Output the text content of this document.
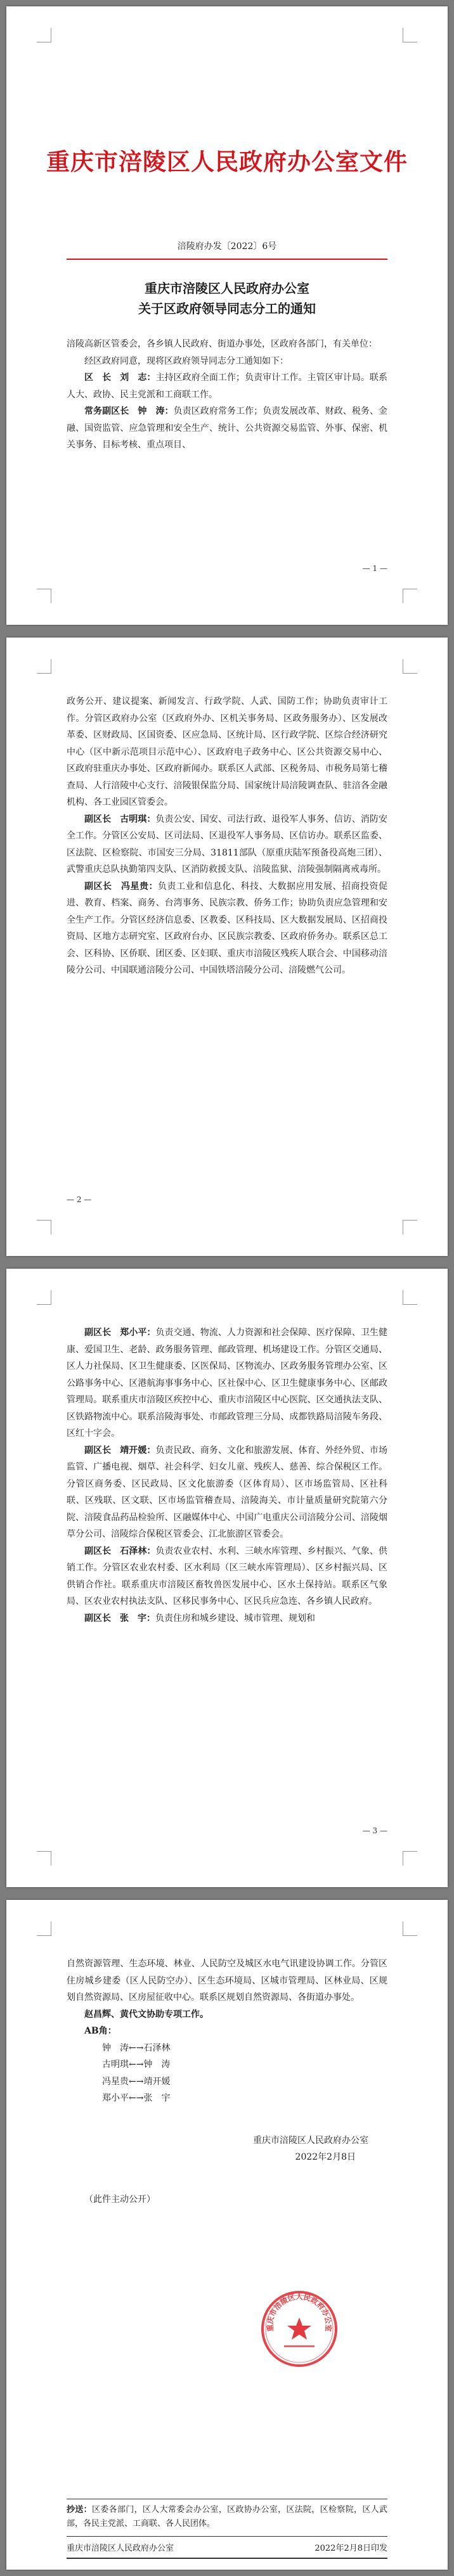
重庆市涪陵区人民政府办公室文件
涪陵府办发〔2022〕6号
重庆市涪陵区人民政府办公室
关于区政府领导同志分工的通知

涪陵高新区管委会，各乡镇人民政府、街道办事处，区政府各部门，有关单位：

经区政府同意，现将区政府领导同志分工通知如下：

区　长　刘　志：主持区政府全面工作；负责审计工作。主管区审计局。联系人大、政协、民主党派和工商联工作。

常务副区长　钟　涛：负责区政府常务工作；负责发展改革、财政、税务、金融、国资监管、应急管理和安全生产、统计、公共资源交易监管、外事、保密、机关事务、目标考核、重点项目、

— 1 —

政务公开、建议提案、新闻发言、行政学院、人武、国防工作；协助负责审计工作。分管区政府办公室（区政府外办、区机关事务局、区政务服务办）、区发展改革委、区财政局、区国资委、区应急局、区统计局、区行政学院、区综合经济研究中心（区中新示范项目示范中心）、区政府电子政务中心、区公共资源交易中心、区政府驻重庆办事处、区政府新闻办。联系区人武部、区税务局、市税务局第七稽查局、人行涪陵中心支行、涪陵银保监分局、国家统计局涪陵调查队、驻涪各金融机构、各工业园区管委会。

副区长　古明琪：负责公安、国安、司法行政、退役军人事务、信访、消防安全工作。分管区公安局、区司法局、区退役军人事务局、区信访办。联系区监委、区法院、区检察院、市国安三分局、31811部队（原重庆陆军预备役高炮三团）、武警重庆总队执勤第四支队、区消防救援支队、涪陵监狱、涪陵强制隔离戒毒所。

副区长　冯星贵：负责工业和信息化、科技、大数据应用发展、招商投资促进、教育、档案、商务、台湾事务、民族宗教、侨务工作；协助负责应急管理和安全生产工作。分管区经济信息委、区教委、区科技局、区大数据发展局、区招商投资局、区地方志研究室、区政府台办、区民族宗教委、区政府侨务办。联系区总工会、区科协、区侨联、团区委、区妇联、重庆市涪陵区残疾人联合会、中国移动涪陵分公司、中国联通涪陵分公司、中国铁塔涪陵分公司、涪陵燃气公司。

— 2 —

副区长　郑小平：负责交通、物流、人力资源和社会保障、医疗保障、卫生健康、爱国卫生、老龄、政务服务管理、邮政管理、机场建设工作。分管区交通局、区人力社保局、区卫生健康委、区医保局、区物流办、区政务服务管理办公室、区公路事务中心、区港航海事事务中心、区社保中心、区卫生健康事务中心、区邮政管理局。联系重庆市涪陵区疾控中心、重庆市涪陵区中心医院、区交通执法支队、区铁路物流中心。联系涪陵海事处、市邮政管理三分局、成都铁路局涪陵车务段、区红十字会。

副区长　靖开媛：负责民政、商务、文化和旅游发展、体育、外经外贸、市场监管、广播电视、烟草、社会科学、妇女儿童、残疾人、慈善、综合保税区工作。分管区商务委、区民政局、区文化旅游委（区体育局）、区市场监管局、区社科联、区残联、区文联、区市场监管稽查局、涪陵海关、市计量质量研究院第六分院、涪陵食品药品检验所、区融媒体中心、中国广电重庆公司涪陵分公司、涪陵烟草分公司、涪陵综合保税区管委会、江北旅游区管委会。

副区长　石泽林：负责农业农村、水利、三峡水库管理、乡村振兴、气象、供销工作。分管区农业农村委、区水利局（区三峡水库管理局）、区乡村振兴局、区供销合作社。联系重庆市涪陵区畜牧兽医发展中心、区水土保持站。联系区气象局、区农业农村执法支队、区移民事务中心、区民兵应急连、各乡镇人民政府。

副区长　张　宇：负责住房和城乡建设、城市管理、规划和

— 3 —

自然资源管理、生态环境、林业、人民防空及城区水电气讯建设协调工作。分管区住房城乡建委（区人民防空办）、区生态环境局、区城市管理局、区林业局、区规划自然资源局、区房屋征收中心。联系区规划自然资源局、各街道办事处。

赵昌辉、黄代文协助专项工作。

AB角：

钟　涛←→石泽林

古明琪←→钟　涛

冯星贵←→靖开媛

郑小平←→张　宇

重庆市涪陵区人民政府办公室

2022年2月8日

（此件主动公开）

重庆市涪陵区人民政府办公室

抄送：区委各部门，区人大常委会办公室，区政协办公室，区法院，区检察院，区人武部，各民主党派、工商联、各人民团体。

重庆市涪陵区人民政府办公室	2022年2月8日印发
